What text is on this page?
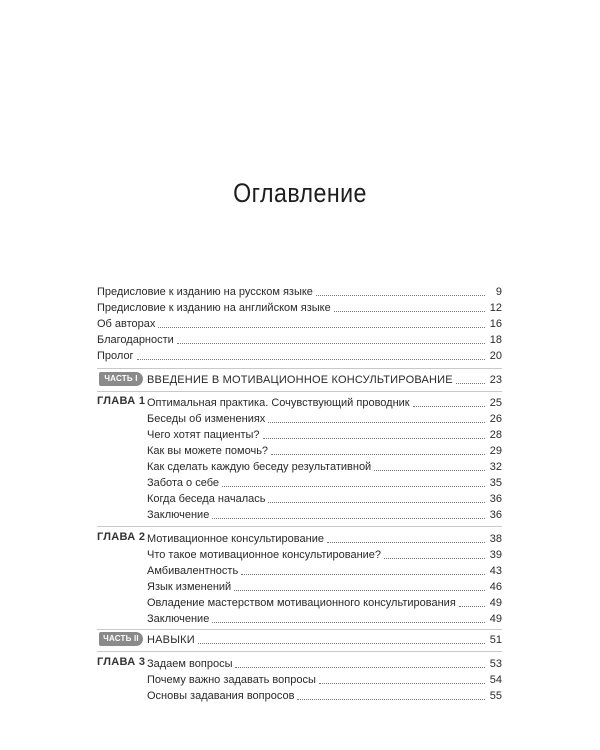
Оглавление
Предисловие к изданию на русском языке	9
Предисловие к изданию на английском языке	12
Об авторах	16
Благодарности	18
Пролог	20
ЧАСТЬ I ВВЕДЕНИЕ В МОТИВАЦИОННОЕ КОНСУЛЬТИРОВАНИЕ	23
ГЛАВА 1 Оптимальная практика. Сочувствующий проводник	25
Беседы об изменениях	26
Чего хотят пациенты?	28
Как вы можете помочь?	29
Как сделать каждую беседу результативной	32
Забота о себе	35
Когда беседа началась	36
Заключение	36
ГЛАВА 2 Мотивационное консультирование	38
Что такое мотивационное консультирование?	39
Амбивалентность	43
Язык изменений	46
Овладение мастерством мотивационного консультирования	49
Заключение	49
ЧАСТЬ II НАВЫКИ	51
ГЛАВА 3 Задаем вопросы	53
Почему важно задавать вопросы	54
Основы задавания вопросов	55
